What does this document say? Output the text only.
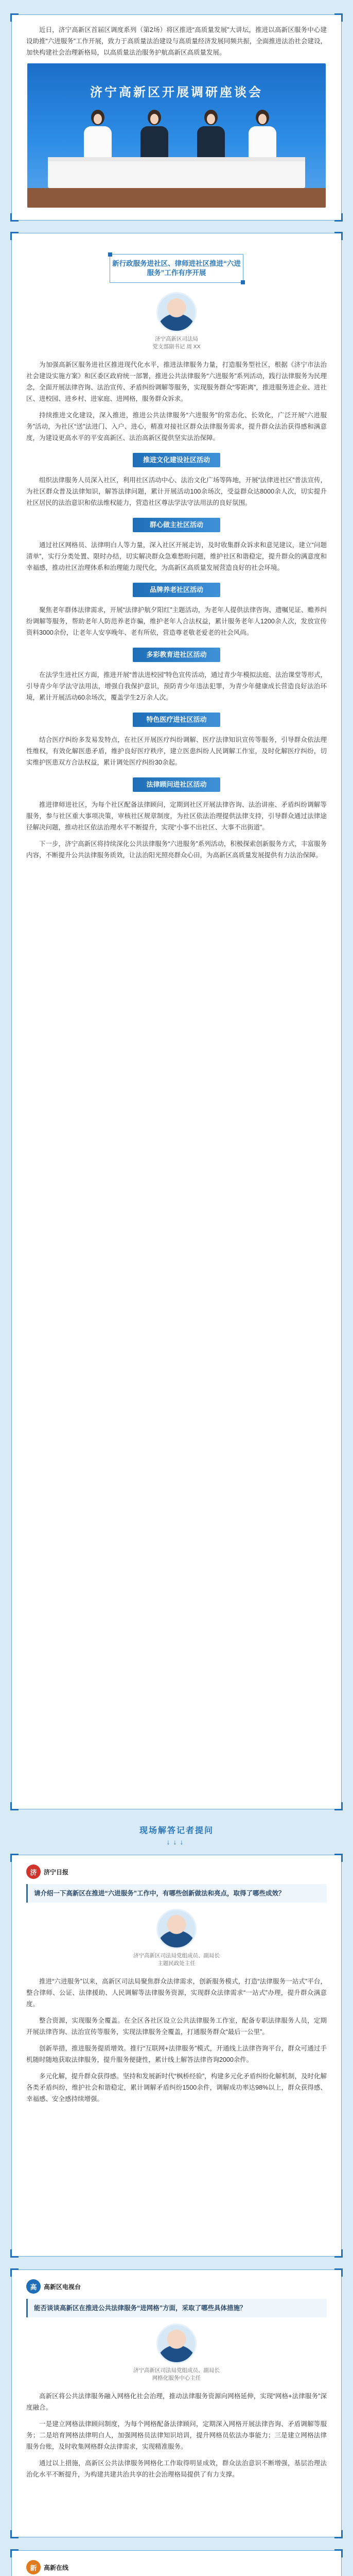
近日，济宁高新区首届区调度系列（第2场）将区推进“高质量发展”大讲坛，推进以高新区服务中心建设助推“六进服务”工作开展，致力于高质量法治建设与高质量经济发展同频共振，全面推进法治社会建设，加快构建社会治理新格局，以高质量法治服务护航高新区高质量发展。

济宁高新区开展调研座谈会
新行政服务进社区、律师进社区推进“六进服务”工作有序开展
济宁高新区司法局
党支部副书记 周 XX

为加强高新区服务进社区推进现代化水平，推进法律服务力量，打造服务型社区，根据《济宁市法治社会建设实施方案》和区委区政府统一部署，推进公共法律服务“六进服务”系列活动，践行法律服务为民理念，全面开展法律咨询、法治宣传、矛盾纠纷调解等服务，实现服务群众“零距离”，推进服务进企业、进社区、进校园、进乡村、进家庭、进网格，服务群众诉求。

持续推进文化建设，深入推进，推进公共法律服务“六进服务”的常态化、长效化，广泛开展“六进服务”活动，为社区“送”法进门、入户、进心，精准对接社区群众法律服务需求，提升群众法治获得感和满意度，为建设更高水平的平安高新区、法治高新区提供坚实法治保障。

推进文化建设社区活动

组织法律服务人员深入社区，利用社区活动中心、法治文化广场等阵地，开展“法律进社区”普法宣传，为社区群众普及法律知识，解答法律问题，累计开展活动100余场次，受益群众达8000余人次，切实提升社区居民的法治意识和依法维权能力，营造社区尊法学法守法用法的良好氛围。

群心做主社区活动

通过社区网格员、法律明白人等力量，深入社区开展走访，及时收集群众诉求和意见建议，建立“问题清单”，实行分类处置、限时办结，切实解决群众急难愁盼问题，维护社区和谐稳定，提升群众的满意度和幸福感，推动社区治理体系和治理能力现代化，为高新区高质量发展营造良好的社会环境。

品牌养老社区活动

聚焦老年群体法律需求，开展“法律护航夕阳红”主题活动，为老年人提供法律咨询、遗嘱见证、赡养纠纷调解等服务，帮助老年人防范养老诈骗，维护老年人合法权益，累计服务老年人1200余人次，发放宣传资料3000余份，让老年人安享晚年、老有所依，营造尊老敬老爱老的社会风尚。

多彩教育进社区活动

在法学生进社区方面，推进开展“普法进校园”特色宣传活动，通过青少年模拟法庭、法治课堂等形式，引导青少年学法守法用法，增强自我保护意识，预防青少年违法犯罪，为青少年健康成长营造良好法治环境，累计开展活动60余场次，覆盖学生2万余人次。

特色医疗进社区活动

结合医疗纠纷多发易发特点，在社区开展医疗纠纷调解、医疗法律知识宣传等服务，引导群众依法理性维权，有效化解医患矛盾，维护良好医疗秩序，建立医患纠纷人民调解工作室，及时化解医疗纠纷，切实维护医患双方合法权益，累计调处医疗纠纷30余起。

法律顾问进社区活动

推进律师进社区，为每个社区配备法律顾问，定期到社区开展法律咨询、法治讲座、矛盾纠纷调解等服务，参与社区重大事项决策，审核社区规章制度，为社区依法治理提供法律支持，引导群众通过法律途径解决问题，推动社区依法治理水平不断提升，实现“小事不出社区、大事不出街道”。

下一步，济宁高新区将持续深化公共法律服务“六进服务”系列活动，积极探索创新服务方式，丰富服务内容，不断提升公共法律服务质效，让法治阳光照亮群众心田，为高新区高质量发展提供有力法治保障。

现场解答记者提问
↓↓↓
济	济宁日报
请介绍一下高新区在推进“六进服务”工作中，有哪些创新做法和亮点，取得了哪些成效？
济宁高新区司法局党组成员、副局长
主题民政处主任

推进“六进服务”以来，高新区司法局聚焦群众法律需求，创新服务模式，打造“法律服务一站式”平台，整合律师、公证、法律援助、人民调解等法律服务资源，实现群众法律需求“一站式”办理，提升群众满意度。

整合资源，实现服务全覆盖。在全区各社区设立公共法律服务工作室，配备专职法律服务人员，定期开展法律咨询、法治宣传等服务，实现法律服务全覆盖，打通服务群众“最后一公里”。

创新举措，推进服务提质增效。推行“互联网+法律服务”模式，开通线上法律咨询平台，群众可通过手机随时随地获取法律服务，提升服务便捷性，累计线上解答法律咨询2000余件。

多元化解，提升群众获得感。坚持和发展新时代“枫桥经验”，构建多元化矛盾纠纷化解机制，及时化解各类矛盾纠纷，维护社会和谐稳定，累计调解矛盾纠纷1500余件，调解成功率达98%以上，群众获得感、幸福感、安全感持续增强。

高	高新区电视台
能否谈谈高新区在推进公共法律服务“进网格”方面，采取了哪些具体措施？
济宁高新区司法局党组成员、副局长
网格化服务中心主任

高新区将公共法律服务融入网格化社会治理，推动法律服务资源向网格延伸，实现“网格+法律服务”深度融合。

一是建立网格法律顾问制度，为每个网格配备法律顾问，定期深入网格开展法律咨询、矛盾调解等服务；二是培育网格法律明白人，加强网格员法律知识培训，提升网格员依法办事能力；三是建立网格法律服务台账，及时收集网格群众法律需求，实现精准服务。

通过以上措施，高新区公共法律服务网格化工作取得明显成效，群众法治意识不断增强，基层治理法治化水平不断提升，为构建共建共治共享的社会治理格局提供了有力支撑。

新	高新在线
